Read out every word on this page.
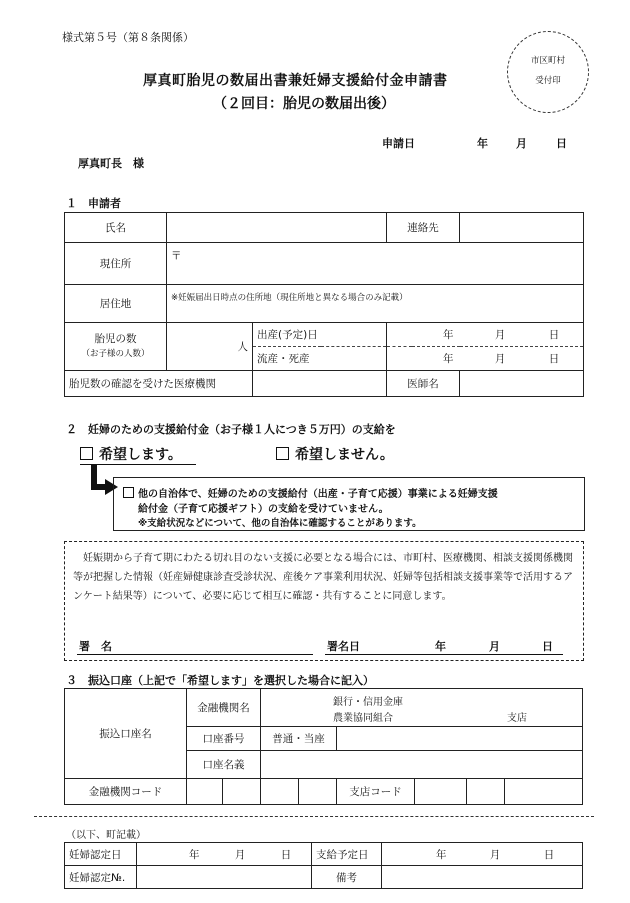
様式第５号（第８条関係）
市区町村
受付印
厚真町胎児の数届出書兼妊婦支援給付金申請書
（２回目：胎児の数届出後）
申請日	年	月	日
厚真町長　様
１　申請者
氏名			連絡先	
現住所	〒			
居住地	※妊娠届出日時点の住所地（現住所地と異なる場合のみ記載）			
胎児の数
（お子様の人数）	人	出産(予定)日	年 月 日	
		流産・死産	年 月 日	
胎児数の確認を受けた医療機関			医師名	
２　妊婦のための支援給付金（お子様１人につき５万円）の支給を
希望します。	希望しません。
他の自治体で、妊婦のための支援給付（出産・子育て応援）事業による妊婦支援
給付金（子育て応援ギフト）の支給を受けていません。
※支給状況などについて、他の自治体に確認することがあります。
妊娠期から子育て期にわたる切れ目のない支援に必要となる場合には、市町村、医療機関、相談支援関係機関等が把握した情報（妊産婦健康診査受診状況、産後ケア事業利用状況、妊婦等包括相談支援事業等で活用するアンケート結果等）について、必要に応じて相互に確認・共有することに同意します。
署　名	署名日	年	月	日
３　振込口座（上記で「希望します」を選択した場合に記入）
振込口座名	金融機関名		銀行・信用金庫
農業協同組合 支店					

	口座番号		普通・当座					
	口座名義							
金融機関コード					支店コード			
（以下、町記載）
妊婦認定日	年 月 日	支給予定日	年 月 日
妊婦認定№.		備考	
